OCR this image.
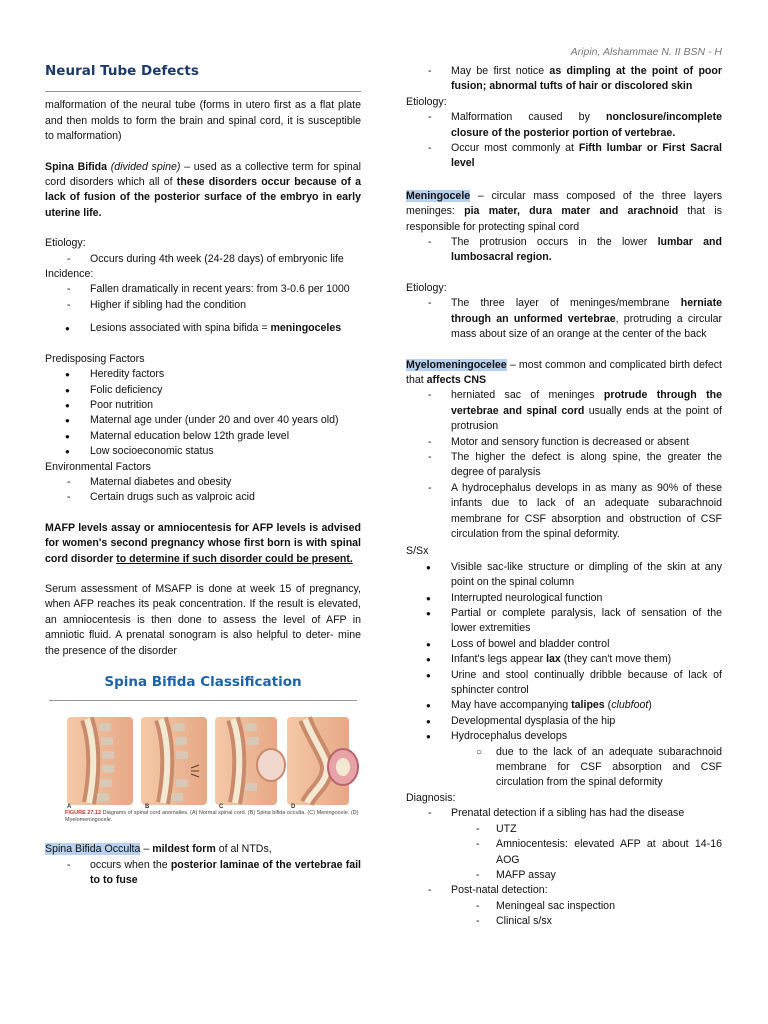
Aripin, Alshammae N. II BSN - H
Neural Tube Defects

malformation of the neural tube (forms in utero first as a flat plate and then molds to form the brain and spinal cord, it is susceptible to malformation)

Spina Bifida (divided spine) – used as a collective term for spinal cord disorders which all of these disorders occur because of a lack of fusion of the posterior surface of the embryo in early uterine life.

Etiology:
- Occurs during 4th week (24-28 days) of embryonic life
Incidence:
- Fallen dramatically in recent years: from 3-0.6 per 1000
- Higher if sibling had the condition
● Lesions associated with spina bifida = meningoceles
Predisposing Factors
● Heredity factors
● Folic deficiency
● Poor nutrition
● Maternal age under (under 20 and over 40 years old)
● Maternal education below 12th grade level
● Low socioeconomic status
Environmental Factors
- Maternal diabetes and obesity
- Certain drugs such as valproic acid

MAFP levels assay or amniocentesis for AFP levels is advised for women's second pregnancy whose first born is with spinal cord disorder to determine if such disorder could be present.

Serum assessment of MSAFP is done at week 15 of pregnancy, when AFP reaches its peak concentration. If the result is elevated, an amniocentesis is then done to assess the level of AFP in amniotic fluid. A prenatal sonogram is also helpful to deter- mine the presence of the disorder

Spina Bifida Classification
A	B	C	D
FIGURE 27.12 Diagrams of spinal cord anomalies. (A) Normal spinal cord. (B) Spina bifida occulta. (C) Meningocele. (D) Myelomeningocele.

Spina Bifida Occulta – mildest form of al NTDs,

- occurs when the posterior laminae of the vertebrae fail to to fuse
- May be first notice as dimpling at the point of poor fusion; abnormal tufts of hair or discolored skin
Etiology:
- Malformation caused by nonclosure/incomplete closure of the posterior portion of vertebrae.
- Occur most commonly at Fifth lumbar or First Sacral level

Meningocele – circular mass composed of the three layers meninges: pia mater, dura mater and arachnoid that is responsible for protecting spinal cord

- The protrusion occurs in the lower lumbar and lumbosacral region.
Etiology:
- The three layer of meninges/membrane herniate through an unformed vertebrae, protruding a circular mass about size of an orange at the center of the back

Myelomeningocelee – most common and complicated birth defect that affects CNS

- herniated sac of meninges protrude through the vertebrae and spinal cord usually ends at the point of protrusion
- Motor and sensory function is decreased or absent
- The higher the defect is along spine, the greater the degree of paralysis
- A hydrocephalus develops in as many as 90% of these infants due to lack of an adequate subarachnoid membrane for CSF absorption and obstruction of CSF circulation from the spinal deformity.
S/Sx
● Visible sac-like structure or dimpling of the skin at any point on the spinal column
● Interrupted neurological function
● Partial or complete paralysis, lack of sensation of the lower extremities
● Loss of bowel and bladder control
● Infant's legs appear lax (they can't move them)
● Urine and stool continually dribble because of lack of sphincter control
● May have accompanying talipes (clubfoot)
● Developmental dysplasia of the hip
● Hydrocephalus develops
○ due to the lack of an adequate subarachnoid membrane for CSF absorption and CSF circulation from the spinal deformity
Diagnosis:
- Prenatal detection if a sibling has had the disease
- UTZ
- Amniocentesis: elevated AFP at about 14-16 AOG
- MAFP assay
- Post-natal detection:
- Meningeal sac inspection
- Clinical s/sx
